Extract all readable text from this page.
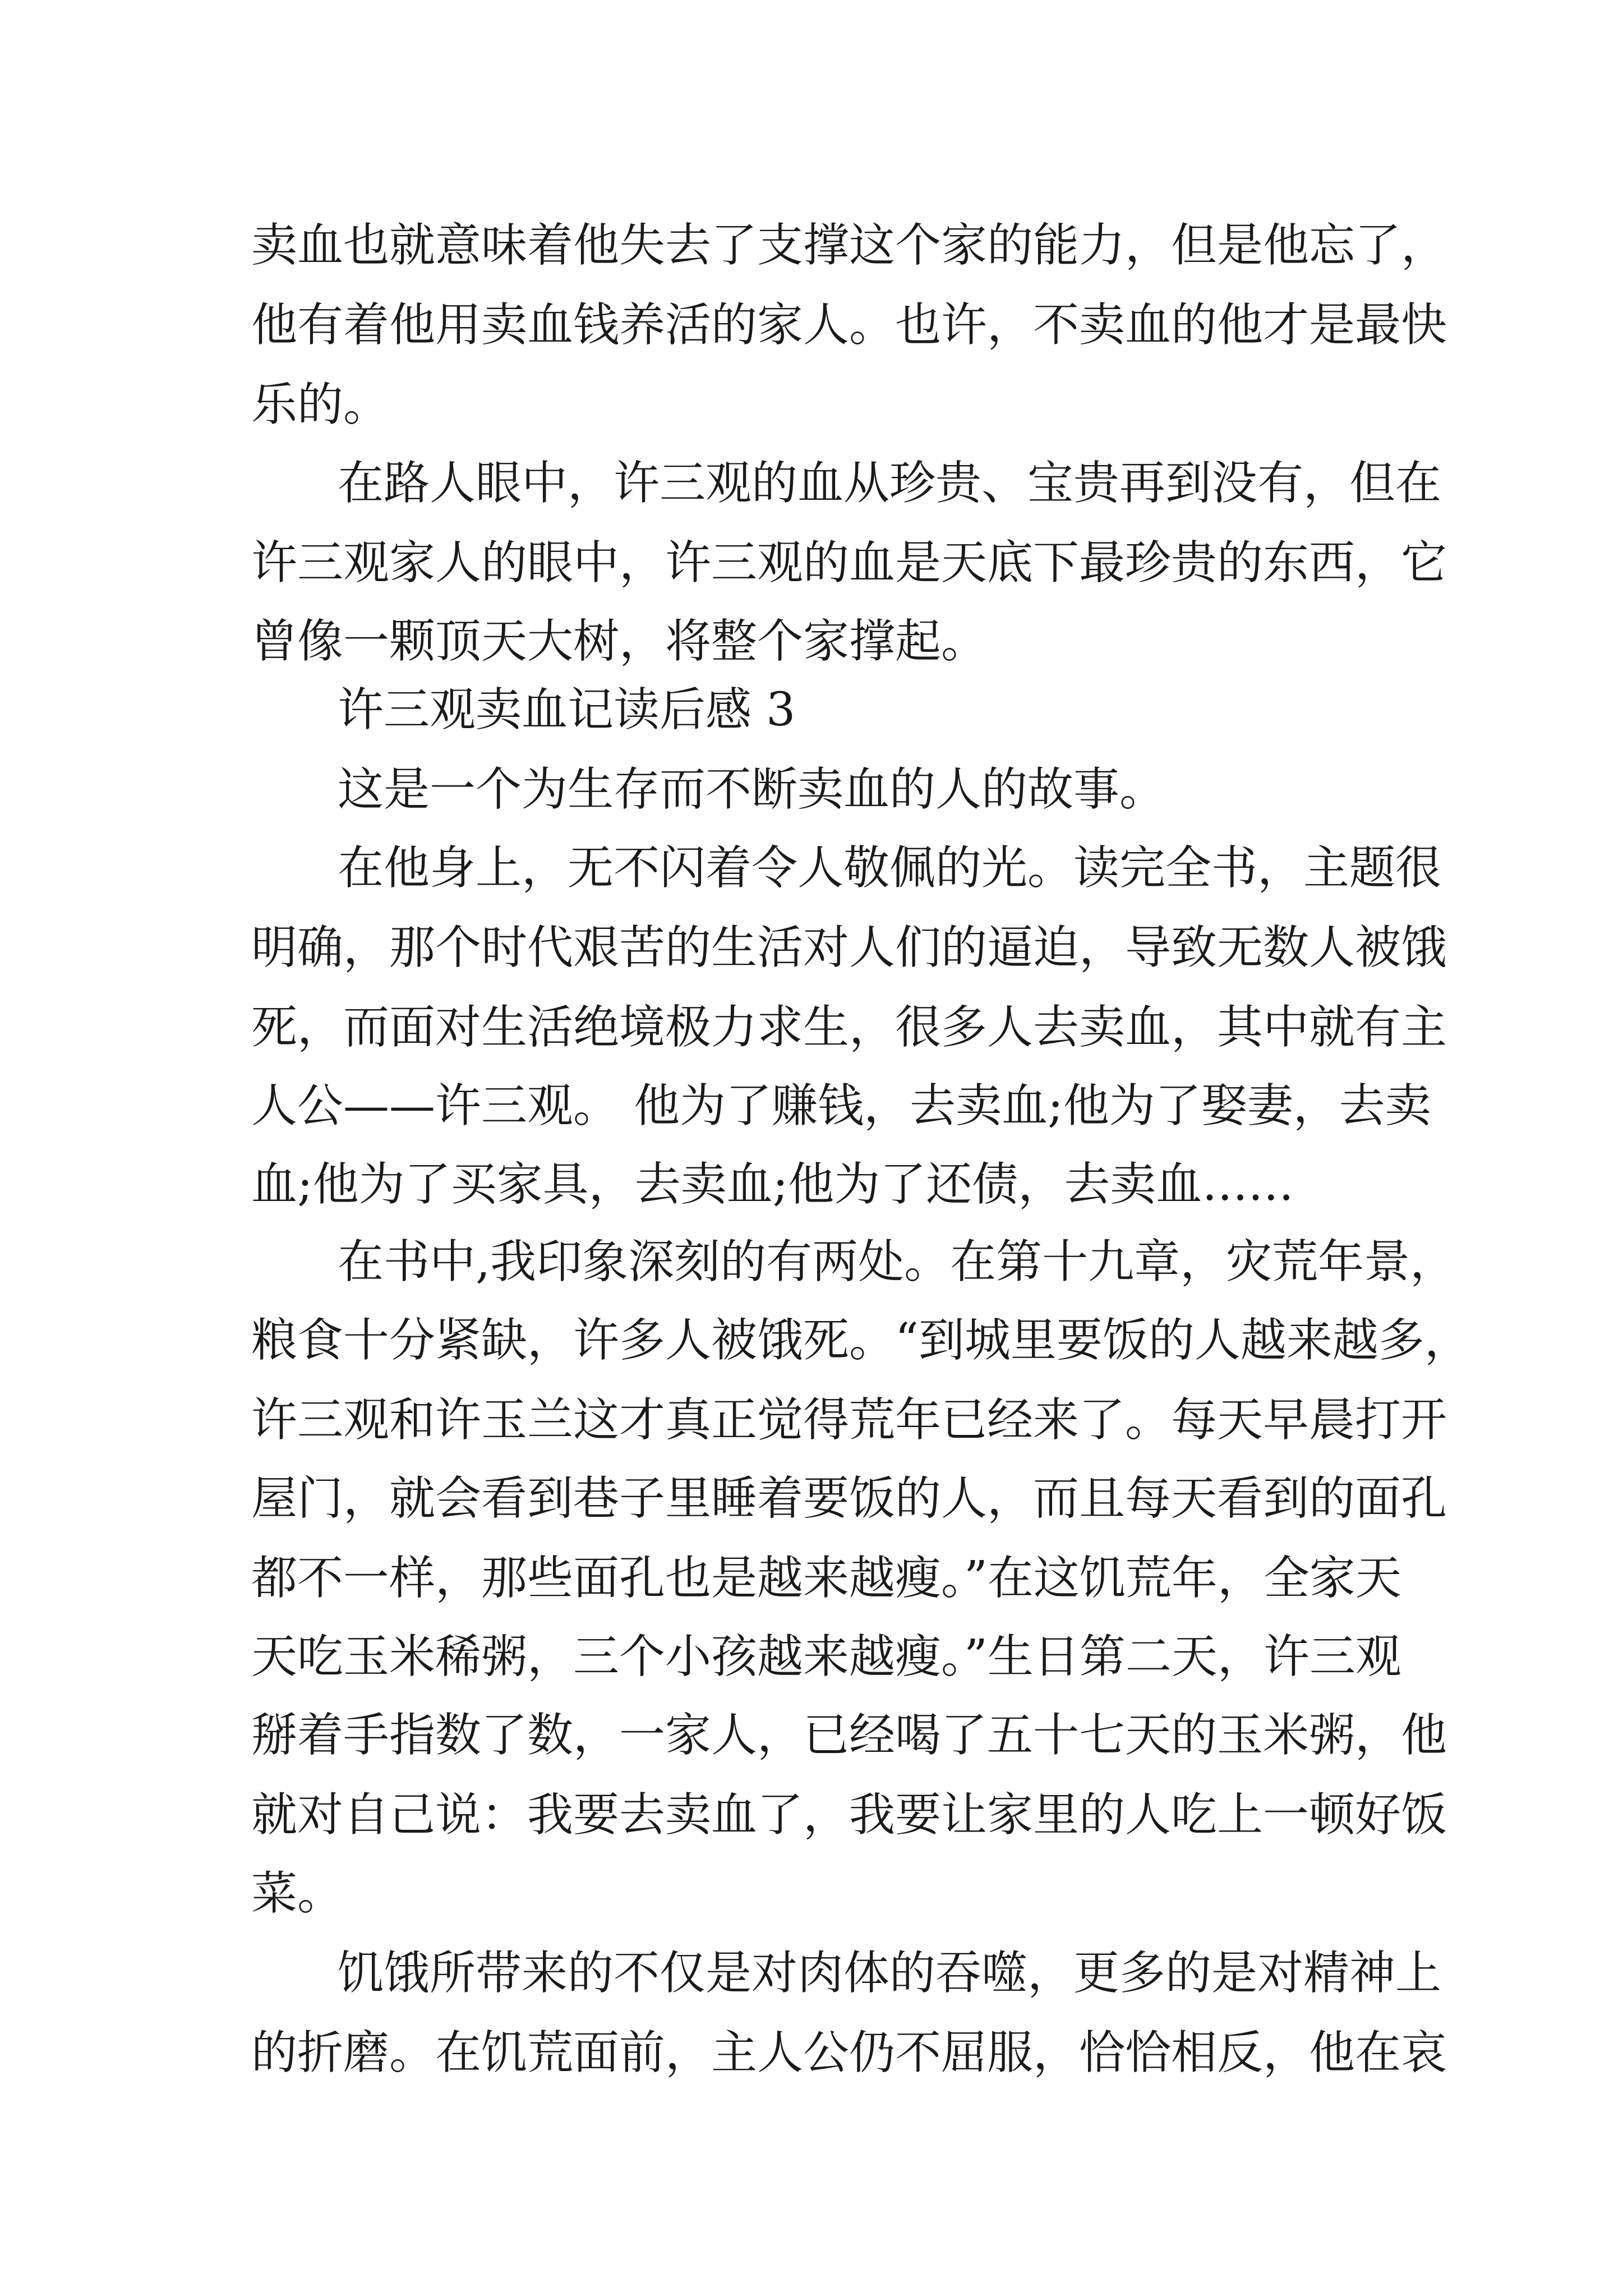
卖血也就意味着他失去了支撑这个家的能力，但是他忘了，

他有着他用卖血钱养活的家人。也许，不卖血的他才是最快

乐的。

在路人眼中，许三观的血从珍贵、宝贵再到没有，但在

许三观家人的眼中，许三观的血是天底下最珍贵的东西，它

曾像一颗顶天大树，将整个家撑起。

许三观卖血记读后感 3

这是一个为生存而不断卖血的人的故事。

在他身上，无不闪着令人敬佩的光。读完全书，主题很

明确，那个时代艰苦的生活对人们的逼迫，导致无数人被饿

死，而面对生活绝境极力求生，很多人去卖血，其中就有主

人公——许三观。 他为了赚钱，去卖血;他为了娶妻，去卖

血;他为了买家具，去卖血;他为了还债，去卖血……

在书中,我印象深刻的有两处。在第十九章，灾荒年景，

粮食十分紧缺，许多人被饿死。“到城里要饭的人越来越多，

许三观和许玉兰这才真正觉得荒年已经来了。每天早晨打开

屋门，就会看到巷子里睡着要饭的人，而且每天看到的面孔

都不一样，那些面孔也是越来越瘦。”在这饥荒年，全家天

天吃玉米稀粥，三个小孩越来越瘦。”生日第二天，许三观

掰着手指数了数，一家人，已经喝了五十七天的玉米粥，他

就对自己说：我要去卖血了，我要让家里的人吃上一顿好饭

菜。

饥饿所带来的不仅是对肉体的吞噬，更多的是对精神上

的折磨。在饥荒面前，主人公仍不屈服，恰恰相反，他在哀
